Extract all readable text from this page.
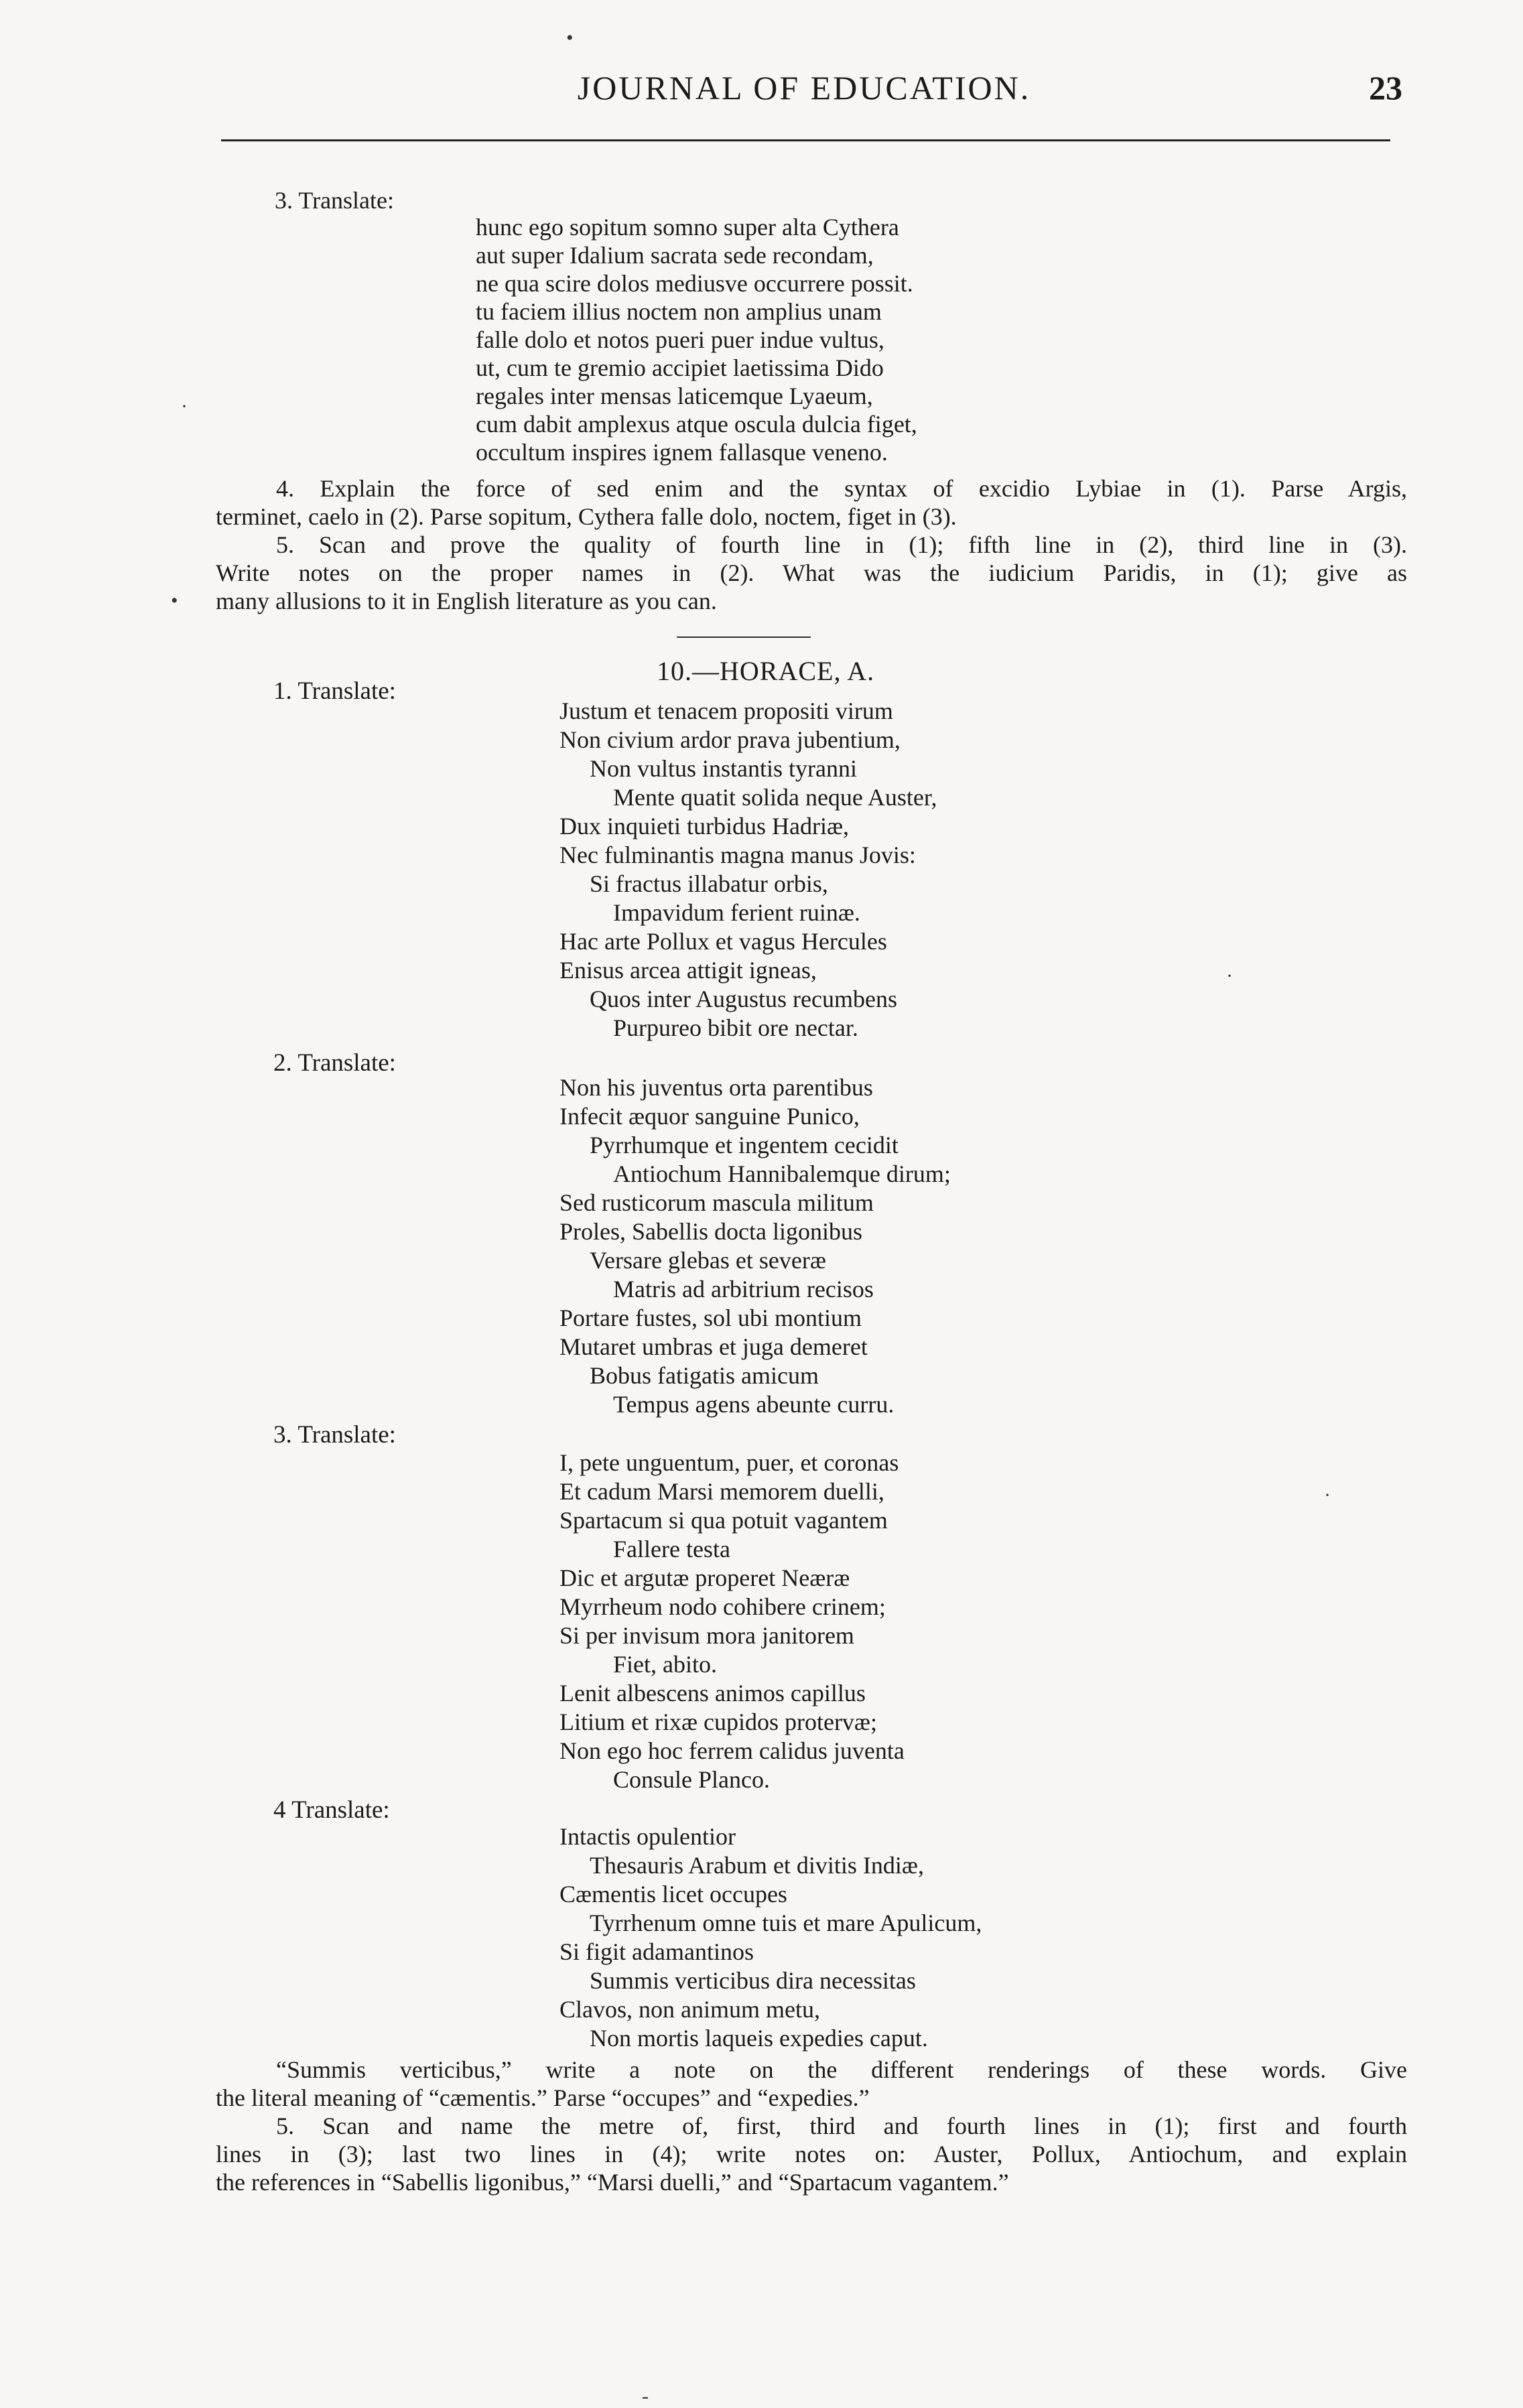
JOURNAL OF EDUCATION.	23
•
·
•
·
·
-
3. Translate:
hunc ego sopitum somno super alta Cythera
aut super Idalium sacrata sede recondam,
ne qua scire dolos mediusve occurrere possit.
tu faciem illius noctem non amplius unam
falle dolo et notos pueri puer indue vultus,
ut, cum te gremio accipiet laetissima Dido
regales inter mensas laticemque Lyaeum,
cum dabit amplexus atque oscula dulcia figet,
occultum inspires ignem fallasque veneno.
4. Explain the force of sed enim and the syntax of excidio Lybiae in (1). Parse Argis,
terminet, caelo in (2). Parse sopitum, Cythera falle dolo, noctem, figet in (3).
5. Scan and prove the quality of fourth line in (1); fifth line in (2), third line in (3).
Write notes on the proper names in (2). What was the iudicium Paridis, in (1); give as
many allusions to it in English literature as you can.
10.—HORACE, A.
1. Translate:
Justum et tenacem propositi virum
Non civium ardor prava jubentium,
Non vultus instantis tyranni
Mente quatit solida neque Auster,
Dux inquieti turbidus Hadriæ,
Nec fulminantis magna manus Jovis:
Si fractus illabatur orbis,
Impavidum ferient ruinæ.
Hac arte Pollux et vagus Hercules
Enisus arcea attigit igneas,
Quos inter Augustus recumbens
Purpureo bibit ore nectar.
2. Translate:
Non his juventus orta parentibus
Infecit æquor sanguine Punico,
Pyrrhumque et ingentem cecidit
Antiochum Hannibalemque dirum;
Sed rusticorum mascula militum
Proles, Sabellis docta ligonibus
Versare glebas et severæ
Matris ad arbitrium recisos
Portare fustes, sol ubi montium
Mutaret umbras et juga demeret
Bobus fatigatis amicum
Tempus agens abeunte curru.
3. Translate:
I, pete unguentum, puer, et coronas
Et cadum Marsi memorem duelli,
Spartacum si qua potuit vagantem
Fallere testa
Dic et argutæ properet Neæræ
Myrrheum nodo cohibere crinem;
Si per invisum mora janitorem
Fiet, abito.
Lenit albescens animos capillus
Litium et rixæ cupidos protervæ;
Non ego hoc ferrem calidus juventa
Consule Planco.
4 Translate:
Intactis opulentior
Thesauris Arabum et divitis Indiæ,
Cæmentis licet occupes
Tyrrhenum omne tuis et mare Apulicum,
Si figit adamantinos
Summis verticibus dira necessitas
Clavos, non animum metu,
Non mortis laqueis expedies caput.
“Summis verticibus,” write a note on the different renderings of these words. Give
the literal meaning of “cæmentis.” Parse “occupes” and “expedies.”
5. Scan and name the metre of, first, third and fourth lines in (1); first and fourth
lines in (3); last two lines in (4); write notes on: Auster, Pollux, Antiochum, and explain
the references in “Sabellis ligonibus,” “Marsi duelli,” and “Spartacum vagantem.”
